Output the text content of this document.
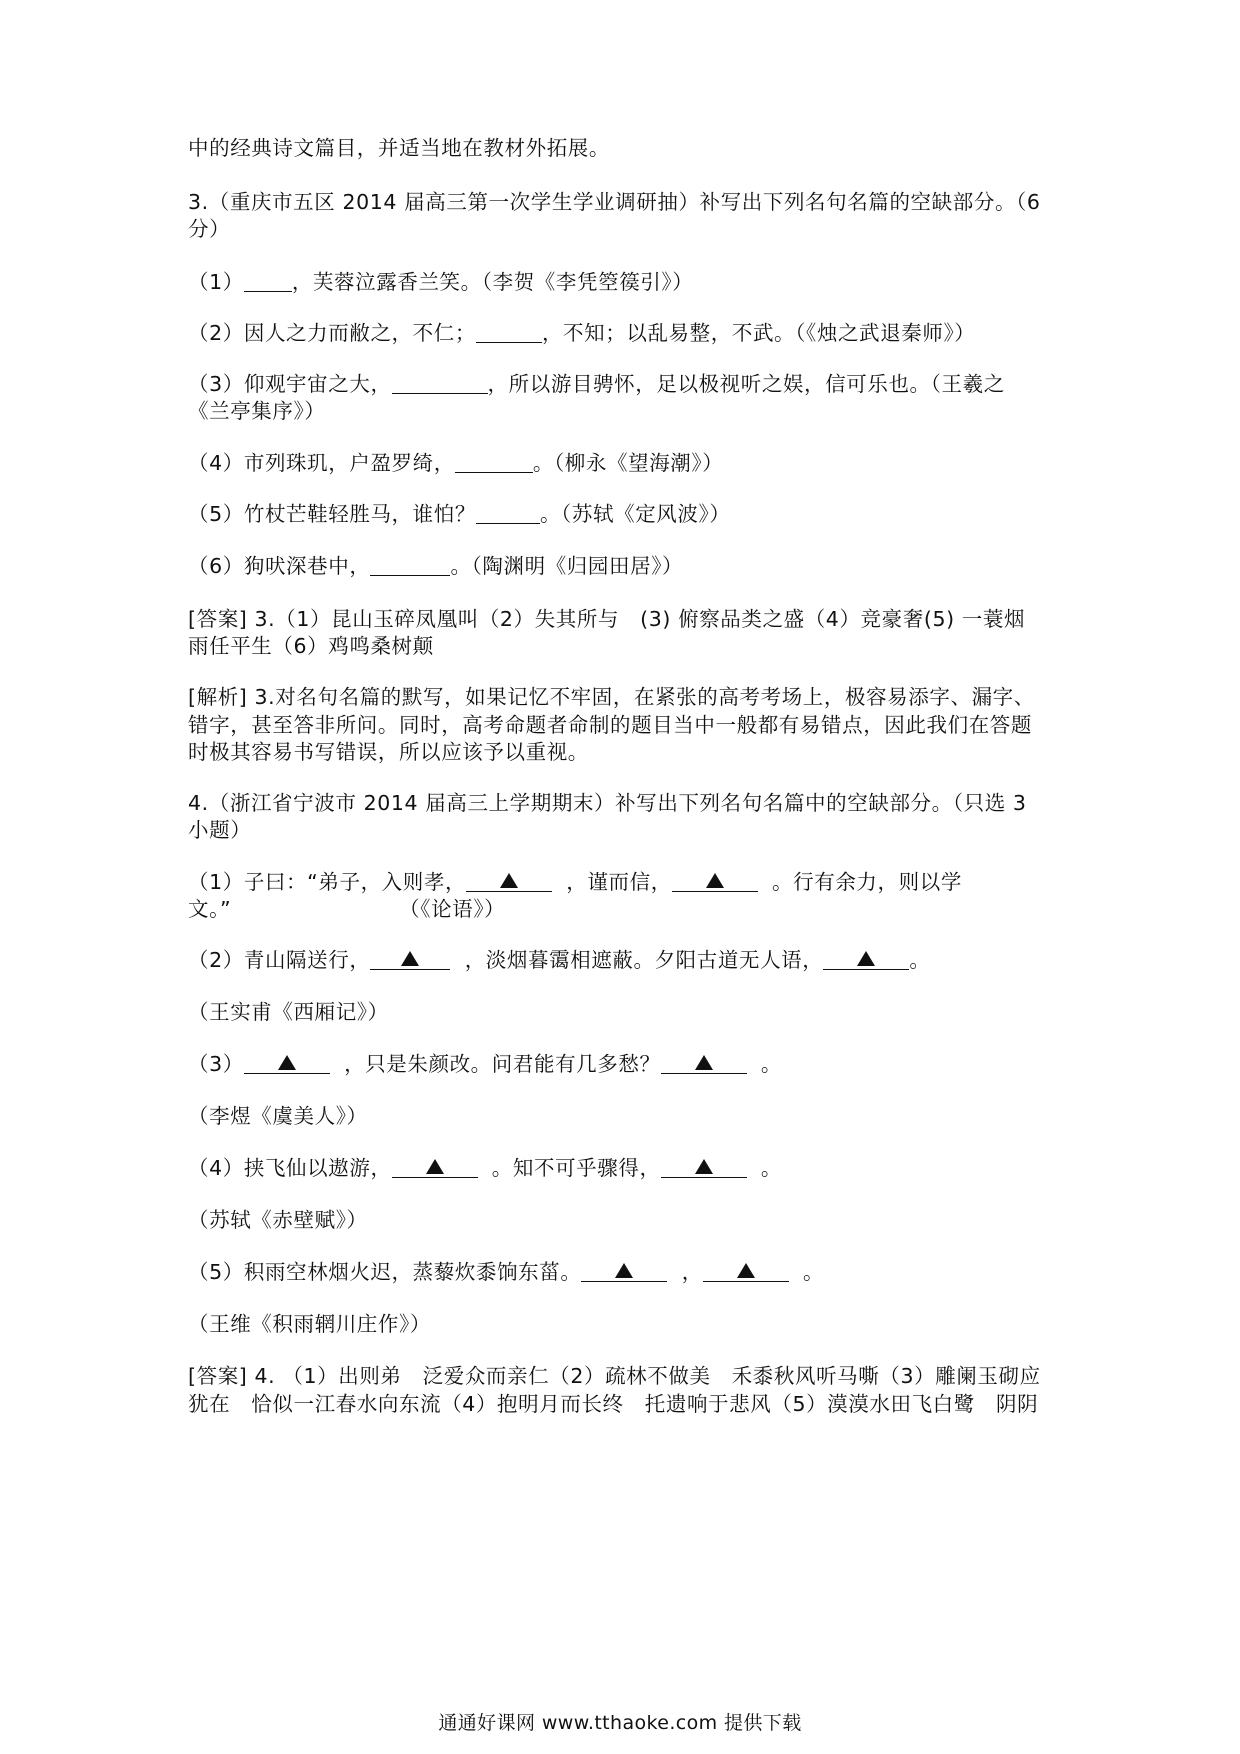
中的经典诗文篇目，并适当地在教材外拓展。
3.（重庆市五区 2014 届高三第一次学生学业调研抽）补写出下列名句名篇的空缺部分。（6
分）
（1） ，芙蓉泣露香兰笑。（李贺《李凭箜篌引》）
（2）因人之力而敝之，不仁；	，不知；以乱易整，不武。（《烛之武退秦师》）
（3）仰观宇宙之大，	，所以游目骋怀，足以极视听之娱，信可乐也。（王羲之
《兰亭集序》）
（4）市列珠玑，户盈罗绮，	。（柳永《望海潮》）
（5）竹杖芒鞋轻胜马，谁怕？	。（苏轼《定风波》）
（6）狗吠深巷中，	。（陶渊明《归园田居》）
[答案] 3.（1）昆山玉碎凤凰叫（2）失其所与　(3) 俯察品类之盛（4）竞豪奢(5) 一蓑烟
雨任平生（6）鸡鸣桑树颠
[解析] 3.对名句名篇的默写，如果记忆不牢固，在紧张的高考考场上，极容易添字、漏字、
错字，甚至答非所问。同时，高考命题者命制的题目当中一般都有易错点，因此我们在答题
时极其容易书写错误，所以应该予以重视。
4.（浙江省宁波市 2014 届高三上学期期末）补写出下列名句名篇中的空缺部分。（只选 3
小题）
（1）子曰：“弟子，入则孝，	，谨而信，	。行有余力，则以学
文。”	（《论语》）
（2）青山隔送行，	，淡烟暮霭相遮蔽。夕阳古道无人语，	。
（王实甫《西厢记》）
（3）	，只是朱颜改。问君能有几多愁？	。
（李煜《虞美人》）
（4）挟飞仙以遨游，	。知不可乎骤得，	。
（苏轼《赤壁赋》）
（5）积雨空林烟火迟，蒸藜炊黍饷东菑。	，	。
（王维《积雨辋川庄作》）
[答案] 4. （1）出则弟　泛爱众而亲仁（2）疏林不做美　禾黍秋风听马嘶（3）雕阑玉砌应
犹在　恰似一江春水向东流（4）抱明月而长终　托遗响于悲风（5）漠漠水田飞白鹭　阴阴
通通好课网 www.tthaoke.com 提供下载
